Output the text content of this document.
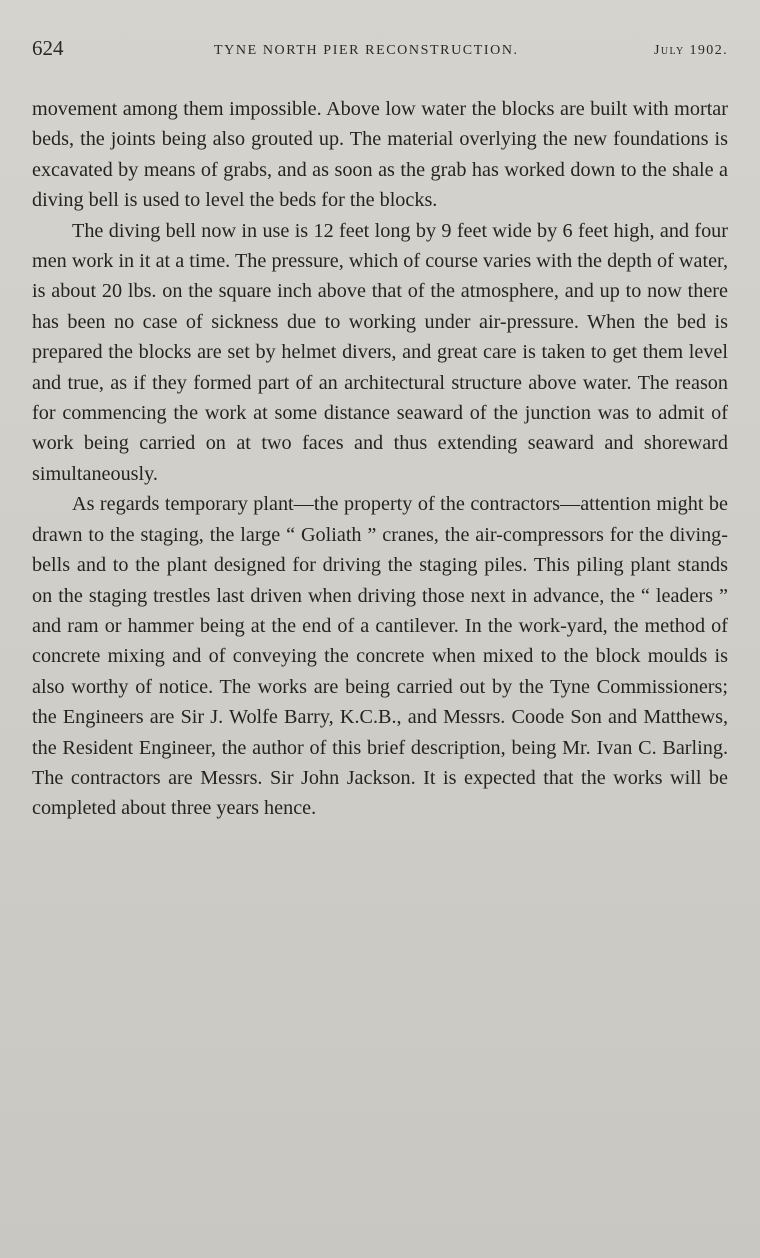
624	TYNE NORTH PIER RECONSTRUCTION.	July 1902.

movement among them impossible. Above low water the blocks are built with mortar beds, the joints being also grouted up. The material overlying the new foundations is excavated by means of grabs, and as soon as the grab has worked down to the shale a diving bell is used to level the beds for the blocks.

The diving bell now in use is 12 feet long by 9 feet wide by 6 feet high, and four men work in it at a time. The pressure, which of course varies with the depth of water, is about 20 lbs. on the square inch above that of the atmosphere, and up to now there has been no case of sickness due to working under air-pressure. When the bed is prepared the blocks are set by helmet divers, and great care is taken to get them level and true, as if they formed part of an architectural structure above water. The reason for commencing the work at some distance seaward of the junction was to admit of work being carried on at two faces and thus extending seaward and shoreward simultaneously.

As regards temporary plant—the property of the contractors—attention might be drawn to the staging, the large “ Goliath ” cranes, the air-compressors for the diving-bells and to the plant designed for driving the staging piles. This piling plant stands on the staging trestles last driven when driving those next in advance, the “ leaders ” and ram or hammer being at the end of a cantilever. In the work-yard, the method of concrete mixing and of conveying the concrete when mixed to the block moulds is also worthy of notice. The works are being carried out by the Tyne Commissioners; the Engineers are Sir J. Wolfe Barry, K.C.B., and Messrs. Coode Son and Matthews, the Resident Engineer, the author of this brief description, being Mr. Ivan C. Barling. The contractors are Messrs. Sir John Jackson. It is expected that the works will be completed about three years hence.
